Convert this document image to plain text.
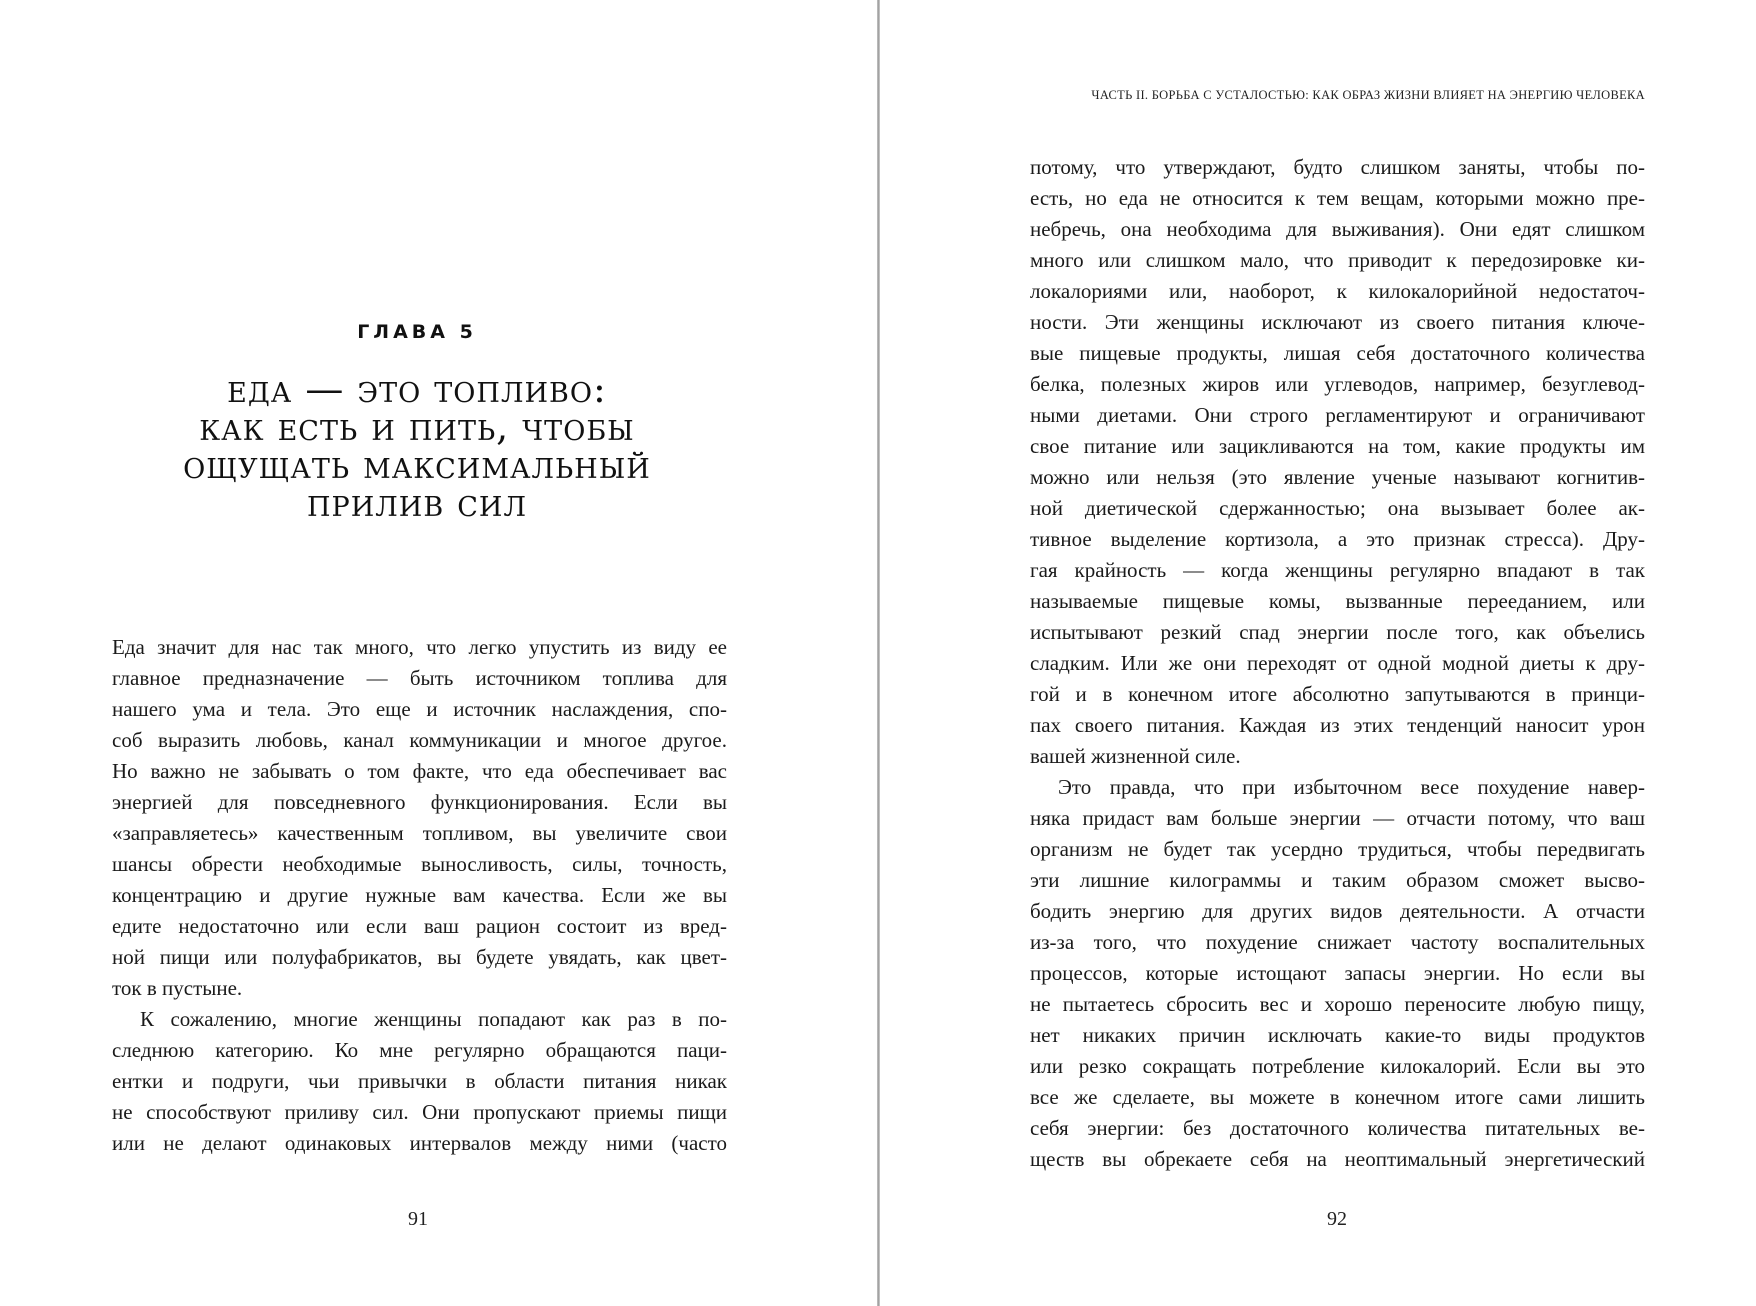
ГЛАВА 5
еда — это топливо:
как есть и пить, чтобы
ощущать максимальный
прилив сил
Еда значит для нас так много, что легко упустить из виду ее
главное предназначение — быть источником топлива для
нашего ума и тела. Это еще и источник наслаждения, спо-
соб выразить любовь, канал коммуникации и многое другое.
Но важно не забывать о том факте, что еда обеспечивает вас
энергией для повседневного функционирования. Если вы
«заправляетесь» качественным топливом, вы увеличите свои
шансы обрести необходимые выносливость, силы, точность,
концентрацию и другие нужные вам качества. Если же вы
едите недостаточно или если ваш рацион состоит из вред-
ной пищи или полуфабрикатов, вы будете увядать, как цвет-
ток в пустыне.
К сожалению, многие женщины попадают как раз в по-
следнюю категорию. Ко мне регулярно обращаются паци-
ентки и подруги, чьи привычки в области питания никак
не способствуют приливу сил. Они пропускают приемы пищи
или не делают одинаковых интервалов между ними (часто
91
ЧАСТЬ II. БОРЬБА С УСТАЛОСТЬЮ: КАК ОБРАЗ ЖИЗНИ ВЛИЯЕТ НА ЭНЕРГИЮ ЧЕЛОВЕКА
потому, что утверждают, будто слишком заняты, чтобы по-
есть, но еда не относится к тем вещам, которыми можно пре-
небречь, она необходима для выживания). Они едят слишком
много или слишком мало, что приводит к передозировке ки-
локалориями или, наоборот, к килокалорийной недостаточ-
ности. Эти женщины исключают из своего питания ключе-
вые пищевые продукты, лишая себя достаточного количества
белка, полезных жиров или углеводов, например, безуглевод-
ными диетами. Они строго регламентируют и ограничивают
свое питание или зацикливаются на том, какие продукты им
можно или нельзя (это явление ученые называют когнитив-
ной диетической сдержанностью; она вызывает более ак-
тивное выделение кортизола, а это признак стресса). Дру-
гая крайность — когда женщины регулярно впадают в так
называемые пищевые комы, вызванные перееданием, или
испытывают резкий спад энергии после того, как объелись
сладким. Или же они переходят от одной модной диеты к дру-
гой и в конечном итоге абсолютно запутываются в принци-
пах своего питания. Каждая из этих тенденций наносит урон
вашей жизненной силе.
Это правда, что при избыточном весе похудение навер-
няка придаст вам больше энергии — отчасти потому, что ваш
организм не будет так усердно трудиться, чтобы передвигать
эти лишние килограммы и таким образом сможет высво-
бодить энергию для других видов деятельности. А отчасти
из-за того, что похудение снижает частоту воспалительных
процессов, которые истощают запасы энергии. Но если вы
не пытаетесь сбросить вес и хорошо переносите любую пищу,
нет никаких причин исключать какие-то виды продуктов
или резко сокращать потребление килокалорий. Если вы это
все же сделаете, вы можете в конечном итоге сами лишить
себя энергии: без достаточного количества питательных ве-
ществ вы обрекаете себя на неоптимальный энергетический
92
